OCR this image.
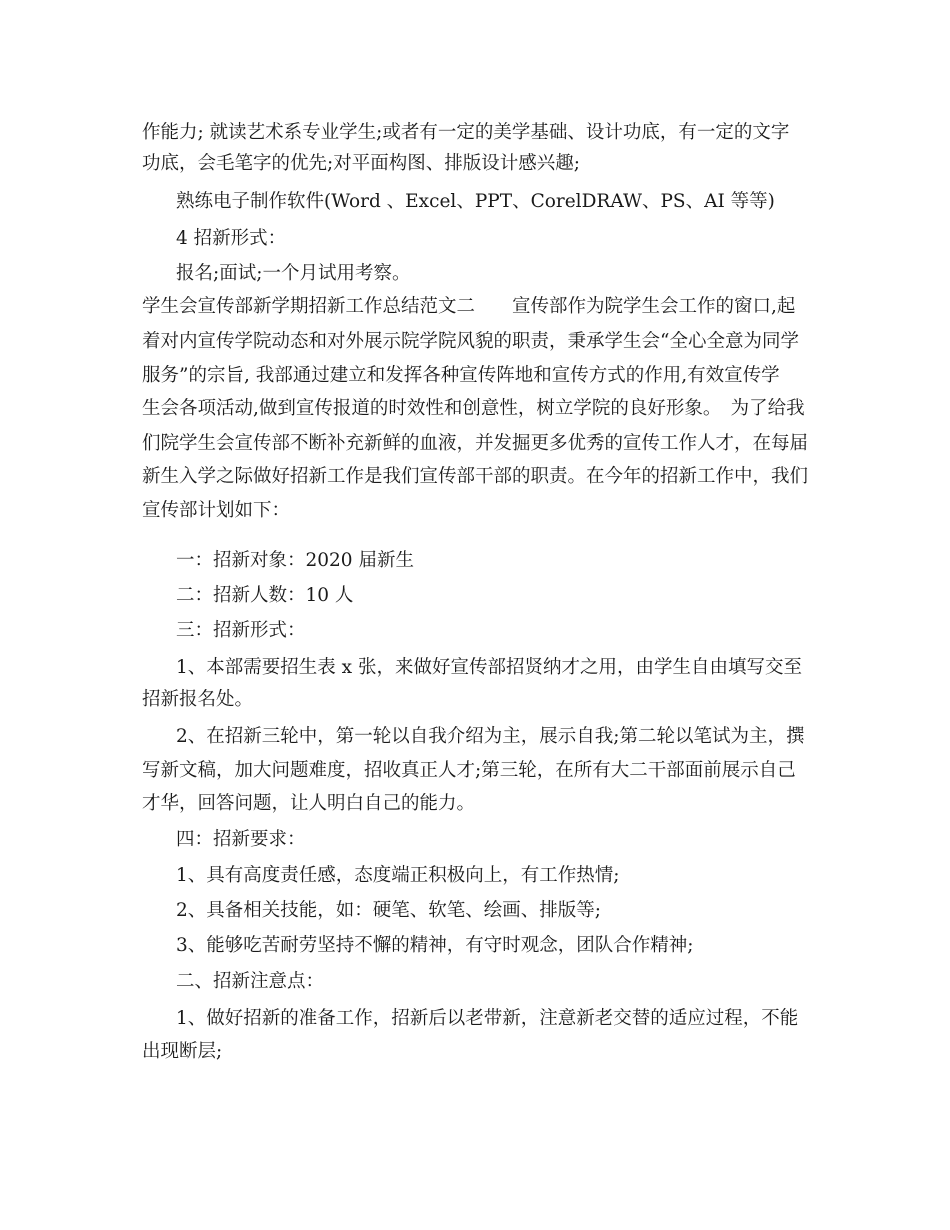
作能力; 就读艺术系专业学生;或者有一定的美学基础、设计功底，有一定的文字
功底，会毛笔字的优先;对平面构图、排版设计感兴趣;
熟练电子制作软件(Word 、Excel、PPT、CorelDRAW、PS、AI 等等)
4 招新形式：
报名;面试;一个月试用考察。
学生会宣传部新学期招新工作总结范文二　　宣传部作为院学生会工作的窗口,起
着对内宣传学院动态和对外展示院学院风貌的职责，秉承学生会“全心全意为同学
服务”的宗旨, 我部通过建立和发挥各种宣传阵地和宣传方式的作用,有效宣传学
生会各项活动,做到宣传报道的时效性和创意性，树立学院的良好形象。　为了给我
们院学生会宣传部不断补充新鲜的血液，并发掘更多优秀的宣传工作人才，在每届
新生入学之际做好招新工作是我们宣传部干部的职责。在今年的招新工作中，我们
宣传部计划如下：
一：招新对象：2020 届新生
二：招新人数：10 人
三：招新形式：
1、本部需要招生表 x 张，来做好宣传部招贤纳才之用，由学生自由填写交至
招新报名处。
2、在招新三轮中，第一轮以自我介绍为主，展示自我;第二轮以笔试为主，撰
写新文稿，加大问题难度，招收真正人才;第三轮，在所有大二干部面前展示自己
才华，回答问题，让人明白自己的能力。
四：招新要求：
1、具有高度责任感，态度端正积极向上，有工作热情;
2、具备相关技能，如：硬笔、软笔、绘画、排版等;
3、能够吃苦耐劳坚持不懈的精神，有守时观念，团队合作精神;
二、招新注意点：
1、做好招新的准备工作，招新后以老带新，注意新老交替的适应过程，不能
出现断层;
